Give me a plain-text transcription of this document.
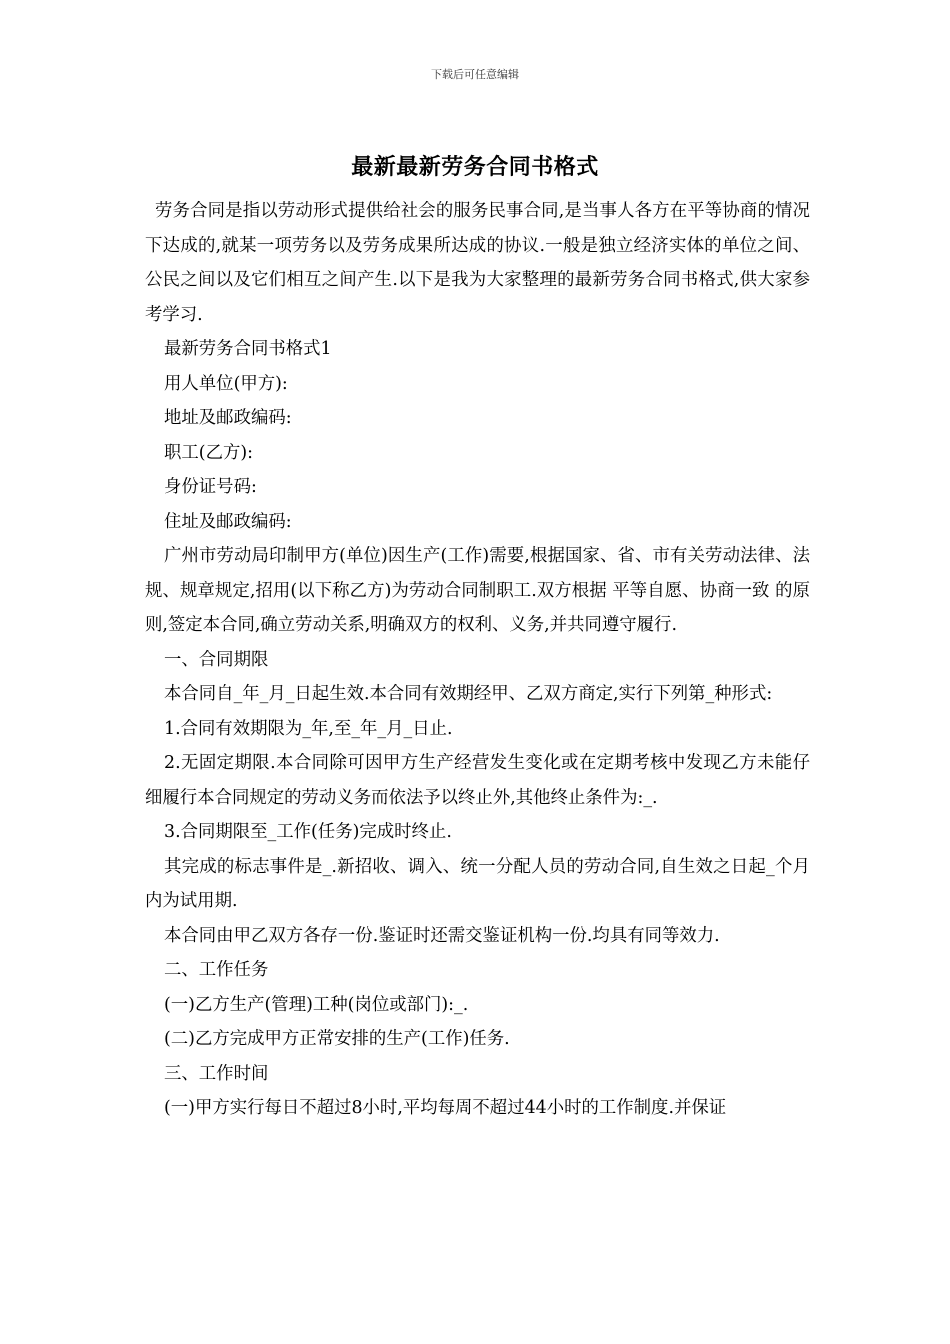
下载后可任意编辑
最新最新劳务合同书格式

劳务合同是指以劳动形式提供给社会的服务民事合同,是当事人各方在平等协商的情况下达成的,就某一项劳务以及劳务成果所达成的协议.一般是独立经济实体的单位之间、公民之间以及它们相互之间产生.以下是我为大家整理的最新劳务合同书格式,供大家参考学习.

最新劳务合同书格式1

用人单位(甲方):

地址及邮政编码:

职工(乙方):

身份证号码:

住址及邮政编码:

广州市劳动局印制甲方(单位)因生产(工作)需要,根据国家、省、市有关劳动法律、法规、规章规定,招用(以下称乙方)为劳动合同制职工.双方根据 平等自愿、协商一致 的原则,签定本合同,确立劳动关系,明确双方的权利、义务,并共同遵守履行.

一、合同期限

本合同自_年_月_日起生效.本合同有效期经甲、乙双方商定,实行下列第_种形式:

1.合同有效期限为_年,至_年_月_日止.

2.无固定期限.本合同除可因甲方生产经营发生变化或在定期考核中发现乙方未能仔细履行本合同规定的劳动义务而依法予以终止外,其他终止条件为:_.

3.合同期限至_工作(任务)完成时终止.

其完成的标志事件是_.新招收、调入、统一分配人员的劳动合同,自生效之日起_个月内为试用期.

本合同由甲乙双方各存一份.鉴证时还需交鉴证机构一份.均具有同等效力.

二、工作任务

(一)乙方生产(管理)工种(岗位或部门):_.

(二)乙方完成甲方正常安排的生产(工作)任务.

三、工作时间

(一)甲方实行每日不超过8小时,平均每周不超过44小时的工作制度.并保证
